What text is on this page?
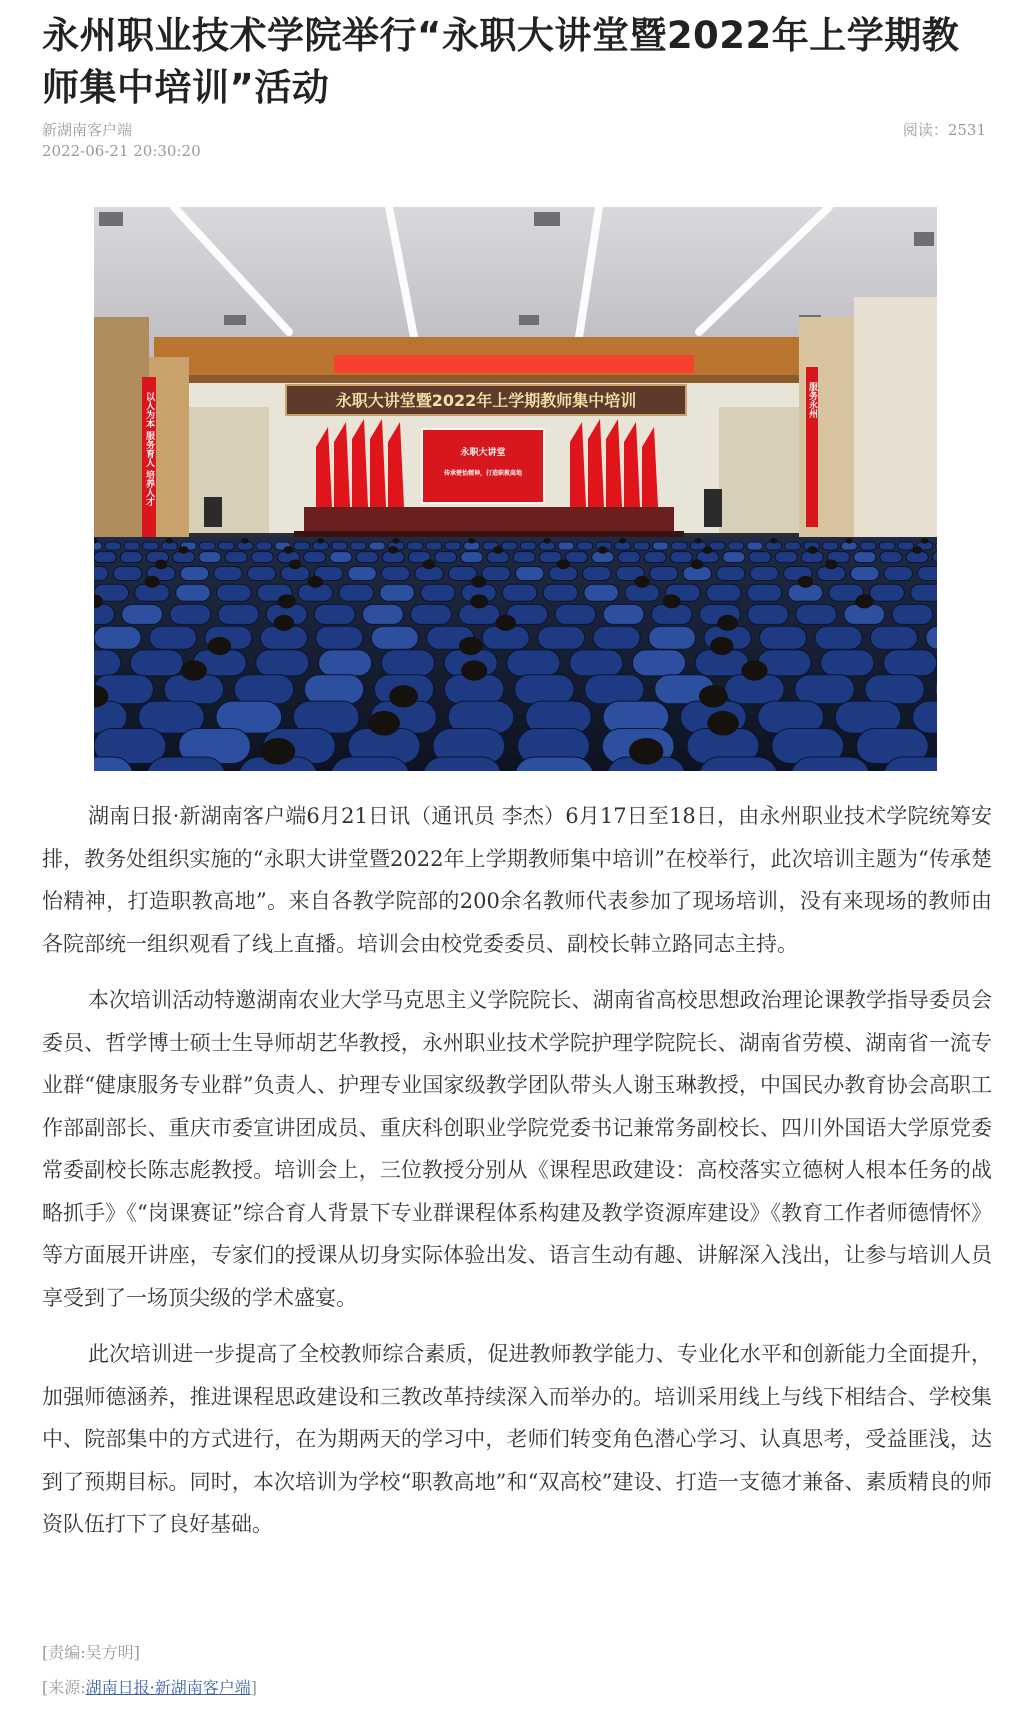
永州职业技术学院举行“永职大讲堂暨2022年上学期教师集中培训”活动
新湖南客户端
2022-06-21 20:30:20
阅读：2531
永职大讲堂暨2022年上学期教师集中培训
永职大讲堂
传承楚怡精神，打造职教高地
以人为本 服务育人 培养人才	服务永州

湖南日报·新湖南客户端6月21日讯（通讯员 李杰）6月17日至18日，由永州职业技术学院统筹安排，教务处组织实施的“永职大讲堂暨2022年上学期教师集中培训”在校举行，此次培训主题为“传承楚怡精神，打造职教高地”。来自各教学院部的200余名教师代表参加了现场培训，没有来现场的教师由各院部统一组织观看了线上直播。培训会由校党委委员、副校长韩立路同志主持。

本次培训活动特邀湖南农业大学马克思主义学院院长、湖南省高校思想政治理论课教学指导委员会委员、哲学博士硕士生导师胡艺华教授，永州职业技术学院护理学院院长、湖南省劳模、湖南省一流专业群“健康服务专业群”负责人、护理专业国家级教学团队带头人谢玉琳教授，中国民办教育协会高职工作部副部长、重庆市委宣讲团成员、重庆科创职业学院党委书记兼常务副校长、四川外国语大学原党委常委副校长陈志彪教授。培训会上，三位教授分别从《课程思政建设：高校落实立德树人根本任务的战略抓手》《“岗课赛证”综合育人背景下专业群课程体系构建及教学资源库建设》《教育工作者师德情怀》等方面展开讲座，专家们的授课从切身实际体验出发、语言生动有趣、讲解深入浅出，让参与培训人员享受到了一场顶尖级的学术盛宴。

此次培训进一步提高了全校教师综合素质，促进教师教学能力、专业化水平和创新能力全面提升，加强师德涵养，推进课程思政建设和三教改革持续深入而举办的。培训采用线上与线下相结合、学校集中、院部集中的方式进行，在为期两天的学习中，老师们转变角色潜心学习、认真思考，受益匪浅，达到了预期目标。同时，本次培训为学校“职教高地”和“双高校”建设、打造一支德才兼备、素质精良的师资队伍打下了良好基础。

[责编:吴方明]
[来源:湖南日报·新湖南客户端]
